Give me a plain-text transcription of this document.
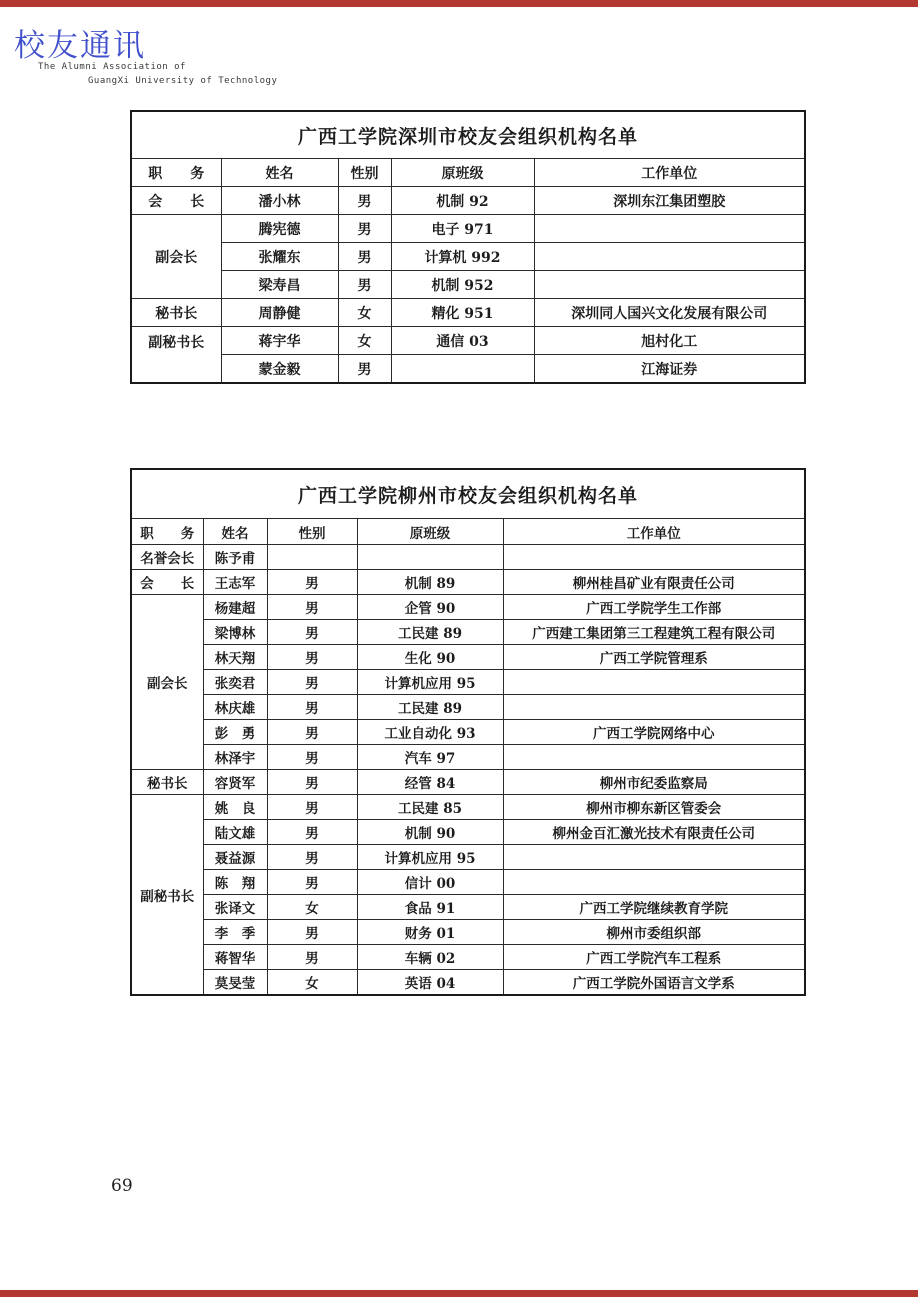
校友通讯
The Alumni Association of
GuangXi University of Technology
广西工学院深圳市校友会组织机构名单				
职　　务	姓名	性别	原班级	工作单位
会　　长	潘小林	男	机制 92	深圳东江集团塑胶
副会长	腾宪德	男	电子 971	
	张耀东	男	计算机 992	
	梁寿昌	男	机制 952	
秘书长	周静健	女	精化 951	深圳同人国兴文化发展有限公司
副秘书长	蒋宇华	女	通信 03	旭村化工
	蒙金毅	男		江海证券
广西工学院柳州市校友会组织机构名单				
职　　务	姓名	性别	原班级	工作单位
名誉会长	陈予甫			
会　　长	王志军	男	机制 89	柳州桂昌矿业有限责任公司
副会长	杨建超	男	企管 90	广西工学院学生工作部
	梁博林	男	工民建 89	广西建工集团第三工程建筑工程有限公司
	林天翔	男	生化 90	广西工学院管理系
	张奕君	男	计算机应用 95	
	林庆雄	男	工民建 89	
	彭　勇	男	工业自动化 93	广西工学院网络中心
	林泽宇	男	汽车 97	
秘书长	容贤军	男	经管 84	柳州市纪委监察局
副秘书长	姚　良	男	工民建 85	柳州市柳东新区管委会
	陆文雄	男	机制 90	柳州金百汇激光技术有限责任公司
	聂益源	男	计算机应用 95	
	陈　翔	男	信计 00	
	张译文	女	食品 91	广西工学院继续教育学院
	李　季	男	财务 01	柳州市委组织部
	蒋智华	男	车辆 02	广西工学院汽车工程系
	莫旻莹	女	英语 04	广西工学院外国语言文学系
69
